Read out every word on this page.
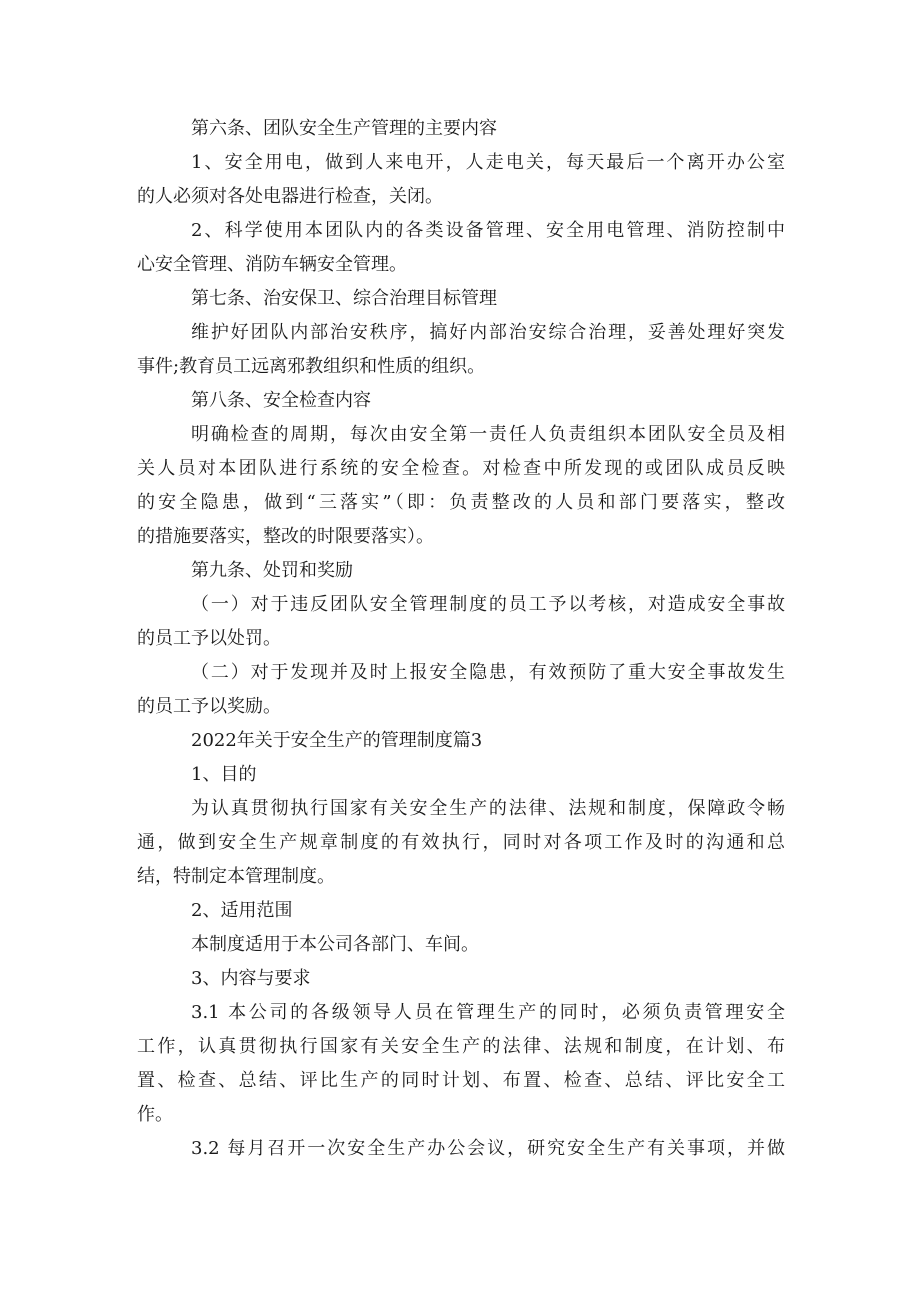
第六条、团队安全生产管理的主要内容
1、安全用电，做到人来电开，人走电关，每天最后一个离开办公室
的人必须对各处电器进行检查，关闭。
2、科学使用本团队内的各类设备管理、安全用电管理、消防控制中
心安全管理、消防车辆安全管理。
第七条、治安保卫、综合治理目标管理
维护好团队内部治安秩序，搞好内部治安综合治理，妥善处理好突发
事件;教育员工远离邪教组织和性质的组织。
第八条、安全检查内容
明确检查的周期，每次由安全第一责任人负责组织本团队安全员及相
关人员对本团队进行系统的安全检查。对检查中所发现的或团队成员反映
的安全隐患，做到“三落实”（即：负责整改的人员和部门要落实，整改
的措施要落实，整改的时限要落实）。
第九条、处罚和奖励
（一）对于违反团队安全管理制度的员工予以考核，对造成安全事故
的员工予以处罚。
（二）对于发现并及时上报安全隐患，有效预防了重大安全事故发生
的员工予以奖励。
2022年关于安全生产的管理制度篇3
1、目的
为认真贯彻执行国家有关安全生产的法律、法规和制度，保障政令畅
通，做到安全生产规章制度的有效执行，同时对各项工作及时的沟通和总
结，特制定本管理制度。
2、适用范围
本制度适用于本公司各部门、车间。
3、内容与要求
3.1 本公司的各级领导人员在管理生产的同时，必须负责管理安全
工作，认真贯彻执行国家有关安全生产的法律、法规和制度，在计划、布
置、检查、总结、评比生产的同时计划、布置、检查、总结、评比安全工
作。
3.2 每月召开一次安全生产办公会议，研究安全生产有关事项，并做
